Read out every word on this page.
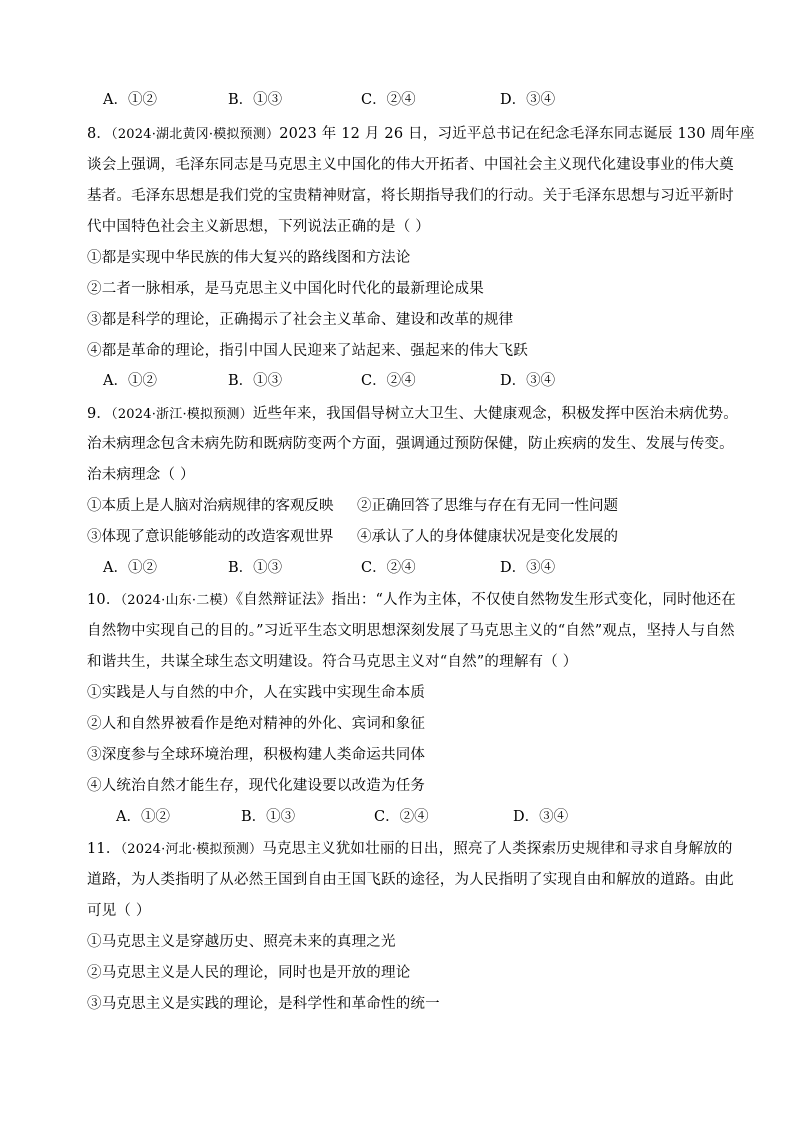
A．①②	B．①③	C．②④	D．③④
8．（2024·湖北黄冈·模拟预测）2023 年 12 月 26 日，习近平总书记在纪念毛泽东同志诞辰 130 周年座
谈会上强调，毛泽东同志是马克思主义中国化的伟大开拓者、中国社会主义现代化建设事业的伟大奠
基者。毛泽东思想是我们党的宝贵精神财富，将长期指导我们的行动。关于毛泽东思想与习近平新时
代中国特色社会主义新思想，下列说法正确的是（ ）
①都是实现中华民族的伟大复兴的路线图和方法论
②二者一脉相承，是马克思主义中国化时代化的最新理论成果
③都是科学的理论，正确揭示了社会主义革命、建设和改革的规律
④都是革命的理论，指引中国人民迎来了站起来、强起来的伟大飞跃
A．①②	B．①③	C．②④	D．③④
9．（2024·浙江·模拟预测）近些年来，我国倡导树立大卫生、大健康观念，积极发挥中医治未病优势。
治未病理念包含未病先防和既病防变两个方面，强调通过预防保健，防止疾病的发生、发展与传变。
治未病理念（ ）
①本质上是人脑对治病规律的客观反映 ②正确回答了思维与存在有无同一性问题
③体现了意识能够能动的改造客观世界 ④承认了人的身体健康状况是变化发展的
A．①②	B．①③	C．②④	D．③④
10．（2024·山东·二模）《自然辩证法》指出：“人作为主体，不仅使自然物发生形式变化，同时他还在
自然物中实现自己的目的。”习近平生态文明思想深刻发展了马克思主义的“自然”观点，坚持人与自然
和谐共生，共谋全球生态文明建设。符合马克思主义对“自然”的理解有（ ）
①实践是人与自然的中介，人在实践中实现生命本质
②人和自然界被看作是绝对精神的外化、宾词和象征
③深度参与全球环境治理，积极构建人类命运共同体
④人统治自然才能生存，现代化建设要以改造为任务
A．①②	B．①③	C．②④	D．③④
11．（2024·河北·模拟预测）马克思主义犹如壮丽的日出，照亮了人类探索历史规律和寻求自身解放的
道路，为人类指明了从必然王国到自由王国飞跃的途径，为人民指明了实现自由和解放的道路。由此
可见（ ）
①马克思主义是穿越历史、照亮未来的真理之光
②马克思主义是人民的理论，同时也是开放的理论
③马克思主义是实践的理论，是科学性和革命性的统一
